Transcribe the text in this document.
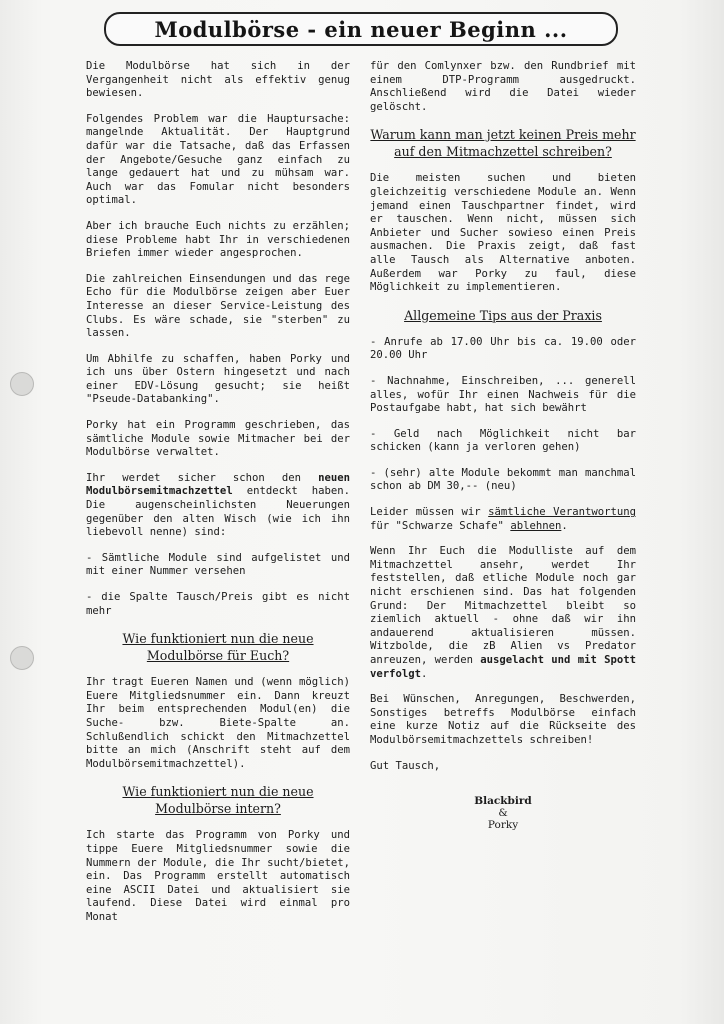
Modulbörse - ein neuer Beginn ...

Die Modulbörse hat sich in der Vergangenheit nicht als effektiv genug bewiesen.

Folgendes Problem war die Hauptursache: mangelnde Aktualität. Der Hauptgrund dafür war die Tatsache, daß das Erfassen der Angebote/Gesuche ganz einfach zu lange gedauert hat und zu mühsam war. Auch war das Fomular nicht besonders optimal.

Aber ich brauche Euch nichts zu erzählen; diese Probleme habt Ihr in verschiedenen Briefen immer wieder angesprochen.

Die zahlreichen Einsendungen und das rege Echo für die Modulbörse zeigen aber Euer Interesse an dieser Service-Leistung des Clubs. Es wäre schade, sie "sterben" zu lassen.

Um Abhilfe zu schaffen, haben Porky und ich uns über Ostern hingesetzt und nach einer EDV-Lösung gesucht; sie heißt "Pseude-Databanking".

Porky hat ein Programm geschrieben, das sämtliche Module sowie Mitmacher bei der Modulbörse verwaltet.

Ihr werdet sicher schon den neuen Modulbörsemitmachzettel entdeckt haben. Die augenscheinlichsten Neuerungen gegenüber den alten Wisch (wie ich ihn liebevoll nenne) sind:

- Sämtliche Module sind aufgelistet und mit einer Nummer versehen

- die Spalte Tausch/Preis gibt es nicht mehr

Wie funktioniert nun die neue Modulbörse für Euch?

Ihr tragt Eueren Namen und (wenn möglich) Euere Mitgliedsnummer ein. Dann kreuzt Ihr beim entsprechenden Modul(en) die Suche- bzw. Biete-Spalte an. Schlußendlich schickt den Mitmachzettel bitte an mich (Anschrift steht auf dem Modulbörsemitmachzettel).

Wie funktioniert nun die neue Modulbörse intern?

Ich starte das Programm von Porky und tippe Euere Mitgliedsnummer sowie die Nummern der Module, die Ihr sucht/bietet, ein. Das Programm erstellt automatisch eine ASCII Datei und aktualisiert sie laufend. Diese Datei wird einmal pro Monat

für den Comlynxer bzw. den Rundbrief mit einem DTP-Programm ausgedruckt. Anschließend wird die Datei wieder gelöscht.

Warum kann man jetzt keinen Preis mehr auf den Mitmachzettel schreiben?

Die meisten suchen und bieten gleichzeitig verschiedene Module an. Wenn jemand einen Tauschpartner findet, wird er tauschen. Wenn nicht, müssen sich Anbieter und Sucher sowieso einen Preis ausmachen. Die Praxis zeigt, daß fast alle Tausch als Alternative anboten. Außerdem war Porky zu faul, diese Möglichkeit zu implementieren.

Allgemeine Tips aus der Praxis

- Anrufe ab 17.00 Uhr bis ca. 19.00 oder 20.00 Uhr

- Nachnahme, Einschreiben, ... generell alles, wofür Ihr einen Nachweis für die Postaufgabe habt, hat sich bewährt

- Geld nach Möglichkeit nicht bar schicken (kann ja verloren gehen)

- (sehr) alte Module bekommt man manchmal schon ab DM 30,-- (neu)

Leider müssen wir sämtliche Verantwortung für "Schwarze Schafe" ablehnen.

Wenn Ihr Euch die Modulliste auf dem Mitmachzettel ansehr, werdet Ihr feststellen, daß etliche Module noch gar nicht erschienen sind. Das hat folgenden Grund: Der Mitmachzettel bleibt so ziemlich aktuell - ohne daß wir ihn andauerend aktualisieren müssen. Witzbolde, die zB Alien vs Predator anreuzen, werden ausgelacht und mit Spott verfolgt.

Bei Wünschen, Anregungen, Beschwerden, Sonstiges betreffs Modulbörse einfach eine kurze Notiz auf die Rückseite des Modulbörsemitmachzettels schreiben!

Gut Tausch,

Blackbird
&
Porky
